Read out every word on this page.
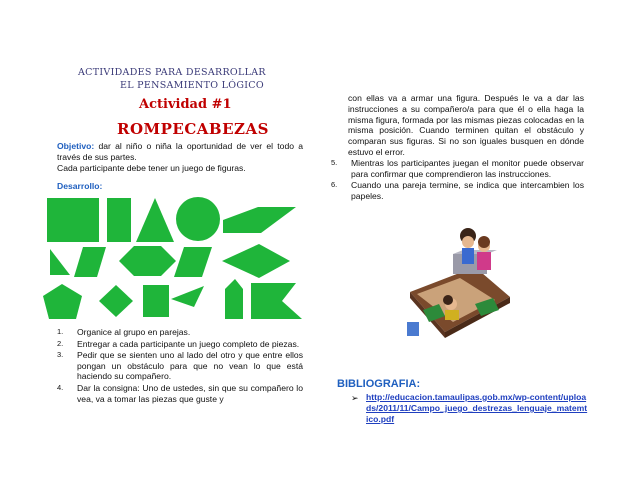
ACTIVIDADES PARA DESARROLLAR
EL PENSAMIENTO LÓGICO
Actividad #1
ROMPECABEZAS
Objetivo: dar al niño o niña la oportunidad de ver el todo a través de sus partes.
Cada participante debe tener un juego de figuras.
Desarrollo:
1. Organice al grupo en parejas.
2. Entregar a cada participante un juego completo de piezas.
3. Pedir que se sienten uno al lado del otro y que entre ellos pongan un obstáculo para que no vean lo que está haciendo su compañero.
4. Dar la consigna: Uno de ustedes, sin que su compañero lo vea, va a tomar las piezas que guste y
con ellas va a armar una figura. Después le va a dar las instrucciones a su compañero/a para que él o ella haga la misma figura, formada por las mismas piezas colocadas en la misma posición. Cuando terminen quitan el obstáculo y comparan sus figuras. Si no son iguales busquen en dónde estuvo el error.
5. Mientras los participantes juegan el monitor puede observar para confirmar que comprendieron las instrucciones.
6. Cuando una pareja termine, se indica que intercambien los papeles.
BIBLIOGRAFIA:
➢ http://educacion.tamaulipas.gob.mx/wp-content/uploads/2011/11/Campo_juego_destrezas_lenguaje_matemtico.pdf
